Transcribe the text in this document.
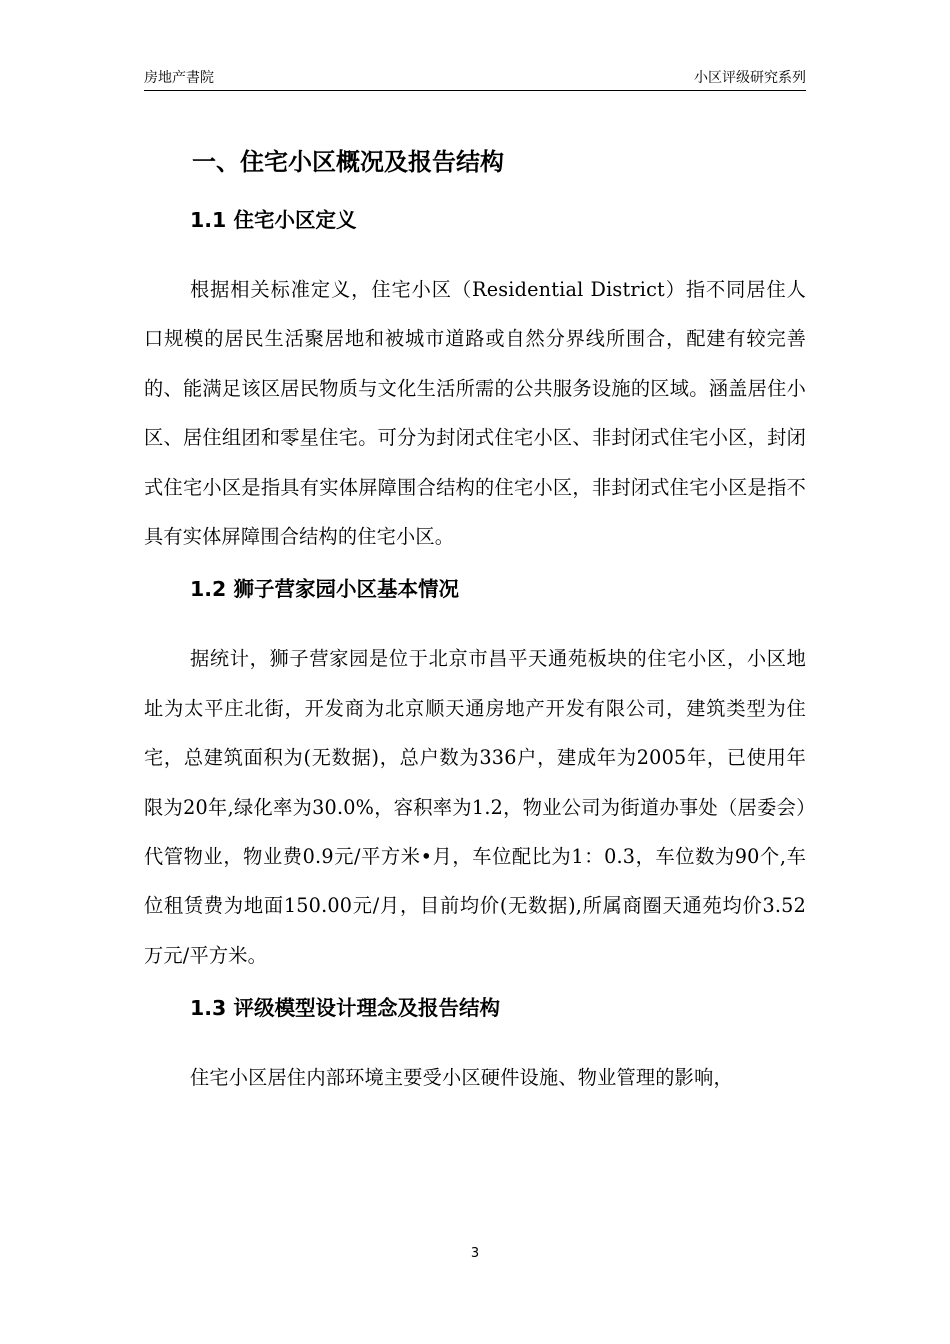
房地产書院	小区评级研究系列
一、住宅小区概况及报告结构
1.1 住宅小区定义

根据相关标准定义，住宅小区（Residential District）指不同居住人口规模的居民生活聚居地和被城市道路或自然分界线所围合，配建有较完善的、能满足该区居民物质与文化生活所需的公共服务设施的区域。涵盖居住小区、居住组团和零星住宅。可分为封闭式住宅小区、非封闭式住宅小区，封闭式住宅小区是指具有实体屏障围合结构的住宅小区，非封闭式住宅小区是指不具有实体屏障围合结构的住宅小区。

1.2 狮子营家园小区基本情况

据统计，狮子营家园是位于北京市昌平天通苑板块的住宅小区，小区地址为太平庄北街，开发商为北京顺天通房地产开发有限公司，建筑类型为住宅，总建筑面积为(无数据)，总户数为336户，建成年为2005年，已使用年限为20年,绿化率为30.0%，容积率为1.2，物业公司为街道办事处（居委会）代管物业，物业费0.9元/平方米•月，车位配比为1：0.3，车位数为90个,车位租赁费为地面150.00元/月，目前均价(无数据),所属商圈天通苑均价3.52万元/平方米。

1.3 评级模型设计理念及报告结构

住宅小区居住内部环境主要受小区硬件设施、物业管理的影响，

3
